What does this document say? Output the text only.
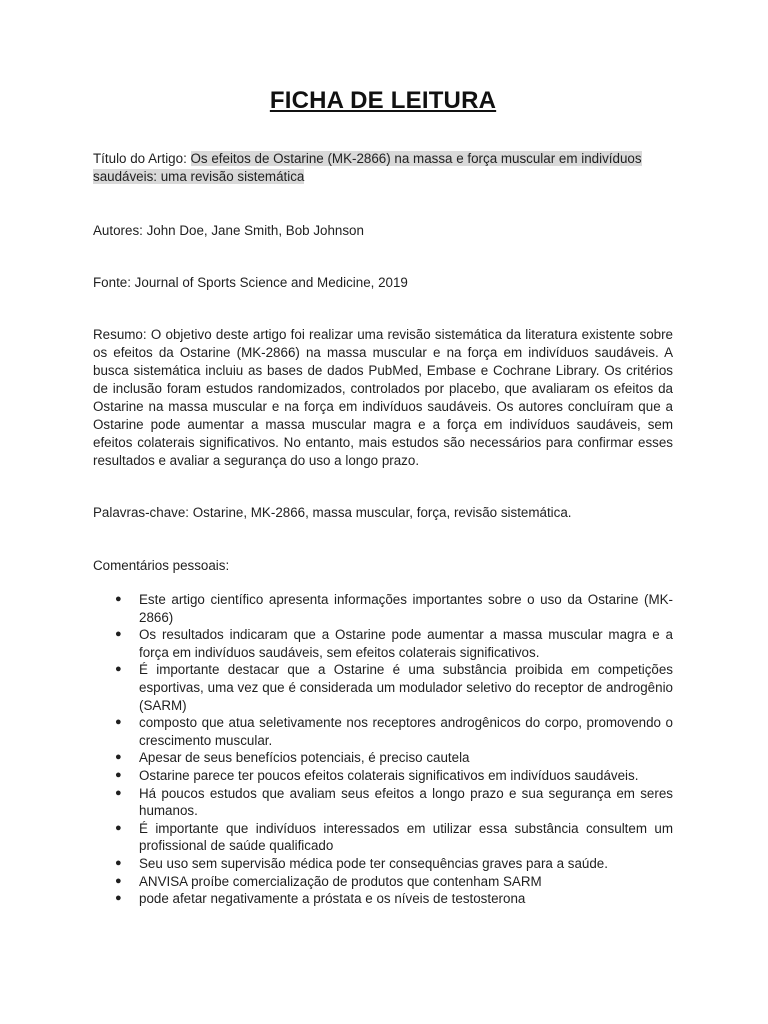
FICHA DE LEITURA
Título do Artigo: Os efeitos de Ostarine (MK-2866) na massa e força muscular em indivíduos saudáveis: uma revisão sistemática
Autores: John Doe, Jane Smith, Bob Johnson
Fonte: Journal of Sports Science and Medicine, 2019
Resumo: O objetivo deste artigo foi realizar uma revisão sistemática da literatura existente sobre os efeitos da Ostarine (MK-2866) na massa muscular e na força em indivíduos saudáveis. A busca sistemática incluiu as bases de dados PubMed, Embase e Cochrane Library. Os critérios de inclusão foram estudos randomizados, controlados por placebo, que avaliaram os efeitos da Ostarine na massa muscular e na força em indivíduos saudáveis. Os autores concluíram que a Ostarine pode aumentar a massa muscular magra e a força em indivíduos saudáveis, sem efeitos colaterais significativos. No entanto, mais estudos são necessários para confirmar esses resultados e avaliar a segurança do uso a longo prazo.
Palavras-chave: Ostarine, MK-2866, massa muscular, força, revisão sistemática.
Comentários pessoais:
● Este artigo científico apresenta informações importantes sobre o uso da Ostarine (MK-2866)
● Os resultados indicaram que a Ostarine pode aumentar a massa muscular magra e a força em indivíduos saudáveis, sem efeitos colaterais significativos.
● É importante destacar que a Ostarine é uma substância proibida em competições esportivas, uma vez que é considerada um modulador seletivo do receptor de androgênio (SARM)
● composto que atua seletivamente nos receptores androgênicos do corpo, promovendo o crescimento muscular.
● Apesar de seus benefícios potenciais, é preciso cautela
● Ostarine parece ter poucos efeitos colaterais significativos em indivíduos saudáveis.
● Há poucos estudos que avaliam seus efeitos a longo prazo e sua segurança em seres humanos.
● É importante que indivíduos interessados em utilizar essa substância consultem um profissional de saúde qualificado
● Seu uso sem supervisão médica pode ter consequências graves para a saúde.
● ANVISA proíbe comercialização de produtos que contenham SARM
● pode afetar negativamente a próstata e os níveis de testosterona
